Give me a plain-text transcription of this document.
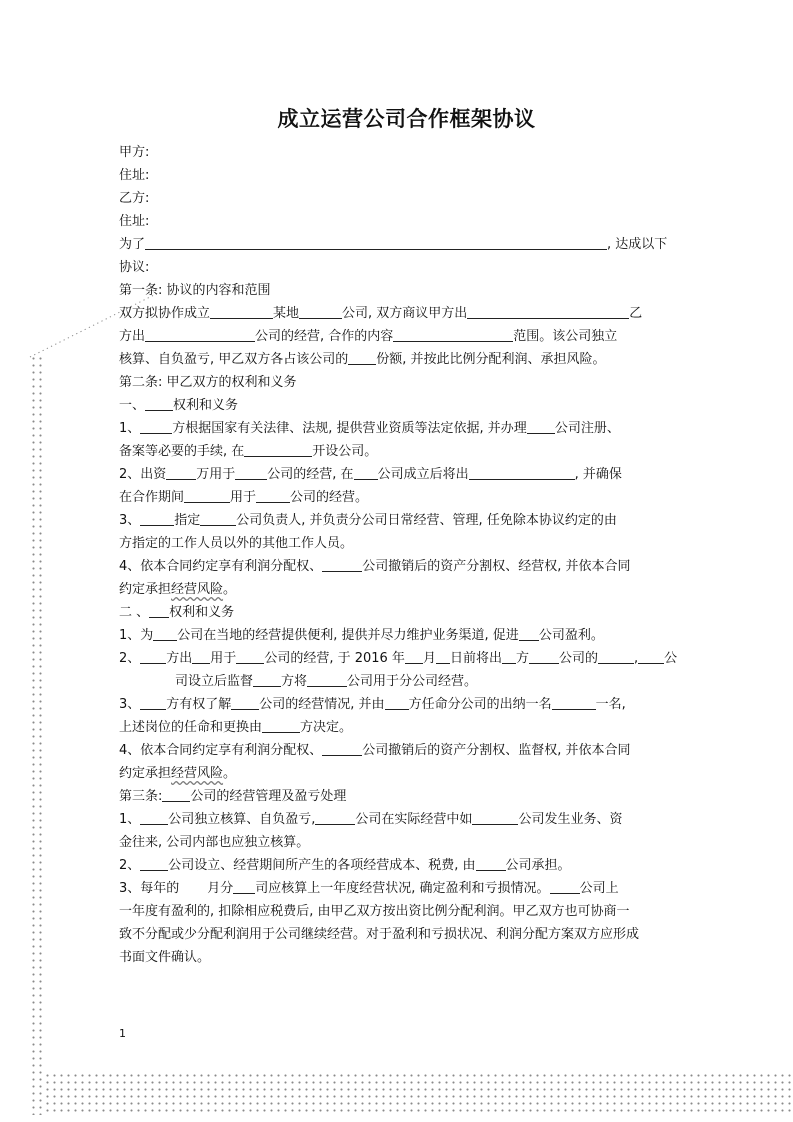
成立运营公司合作框架协议
甲方:
住址:
乙方:
住址:
为了	, 达成以下
协议:
第一条: 协议的内容和范围
双方拟协作成立	某地	公司, 双方商议甲方出	乙
方出	公司的经营, 合作的内容	范围。该公司独立
核算、自负盈亏, 甲乙双方各占该公司的 份额, 并按此比例分配利润、承担风险。
第二条: 甲乙双方的权利和义务
一、 权利和义务
1、 方根据国家有关法律、法规, 提供营业资质等法定依据, 并办理 公司注册、
备案等必要的手续, 在	开设公司。
2、出资 万用于 公司的经营, 在 公司成立后将出	, 并确保
在合作期间	用于	公司的经营。
3、	指定	公司负责人, 并负责分公司日常经营、管理, 任免除本协议约定的由
方指定的工作人员以外的其他工作人员。
4、依本合同约定享有利润分配权、	公司撤销后的资产分割权、经营权, 并依本合同
约定承担经营风险。
二 、 权利和义务
1、为 公司在当地的经营提供便利, 提供并尽力维护业务渠道, 促进 公司盈利。
2、 方出 用于 公司的经营, 于 2016 年 月 日前将出 方 公司的	, 公
司设立后监督 方将	公司用于分公司经营。
3、 方有权了解 公司的经营情况, 并由 方任命分公司的出纳一名	一名,
上述岗位的任命和更换由	方决定。
4、依本合同约定享有利润分配权、	公司撤销后的资产分割权、监督权, 并依本合同
约定承担经营风险。
第三条: 公司的经营管理及盈亏处理
1、 公司独立核算、自负盈亏,	公司在实际经营中如	公司发生业务、资
金往来, 公司内部也应独立核算。
2、 公司设立、经营期间所产生的各项经营成本、税费, 由 公司承担。
3、每年的 月分 司应核算上一年度经营状况, 确定盈利和亏损情况。 公司上
一年度有盈利的, 扣除相应税费后, 由甲乙双方按出资比例分配利润。甲乙双方也可协商一
致不分配或少分配利润用于公司继续经营。对于盈利和亏损状况、利润分配方案双方应形成
书面文件确认。
1
